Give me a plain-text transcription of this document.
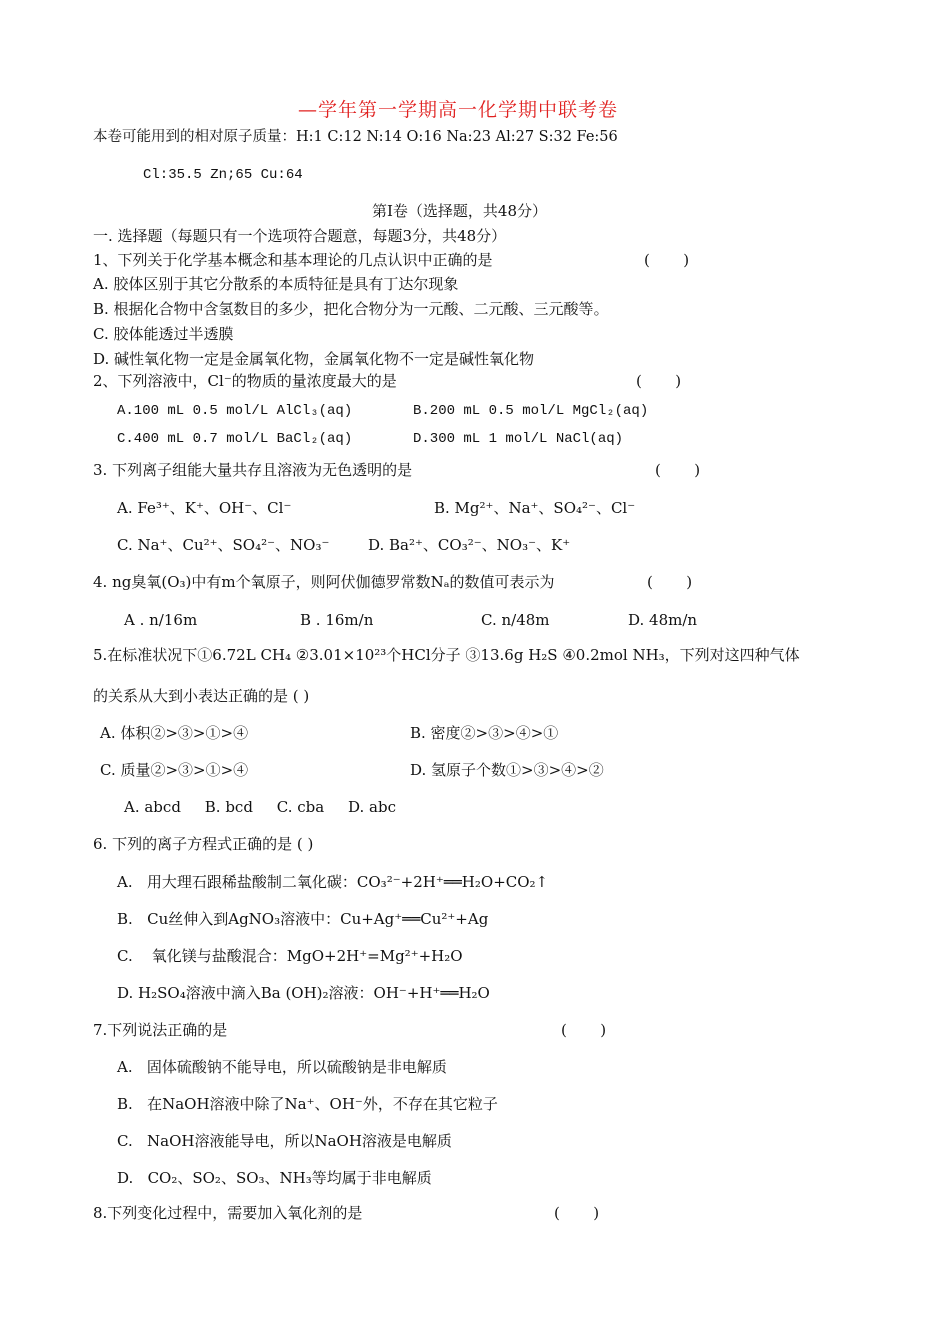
—学年第一学期高一化学期中联考卷
本卷可能用到的相对原子质量：H:1 C:12 N:14 O:16 Na:23 Al:27 S:32 Fe:56
Cl:35.5 Zn;65 Cu:64
第Ⅰ卷（选择题，共48分）
一. 选择题（每题只有一个选项符合题意，每题3分，共48分）
1、下列关于化学基本概念和基本理论的几点认识中正确的是	(       )
A. 胶体区别于其它分散系的本质特征是具有丁达尔现象
B. 根据化合物中含氢数目的多少，把化合物分为一元酸、二元酸、三元酸等。
C. 胶体能透过半透膜
D. 碱性氧化物一定是金属氧化物，金属氧化物不一定是碱性氧化物
2、下列溶液中，Cl⁻的物质的量浓度最大的是	(       )
A.100 mL 0.5 mol/L AlCl₃(aq)	B.200 mL 0.5 mol/L MgCl₂(aq)
C.400 mL 0.7 mol/L BaCl₂(aq)	D.300 mL 1 mol/L NaCl(aq)
3. 下列离子组能大量共存且溶液为无色透明的是	(       )
A. Fe³⁺、K⁺、OH⁻、Cl⁻	B. Mg²⁺、Na⁺、SO₄²⁻、Cl⁻
C. Na⁺、Cu²⁺、SO₄²⁻、NO₃⁻	D. Ba²⁺、CO₃²⁻、NO₃⁻、K⁺
4. ng臭氧(O₃)中有m个氧原子，则阿伏伽德罗常数Nₐ的数值可表示为	(       )
A . n/16m	B . 16m/n	C. n/48m	D. 48m/n
5.在标准状况下①6.72L CH₄ ②3.01×10²³个HCl分子 ③13.6g H₂S ④0.2mol NH₃，下列对这四种气体
的关系从大到小表达正确的是 ( )
A. 体积②>③>①>④	B. 密度②>③>④>①
C. 质量②>③>①>④	D. 氢原子个数①>③>④>②
A. abcd     B. bcd     C. cba     D. abc
6. 下列的离子方程式正确的是 ( )
A.   用大理石跟稀盐酸制二氧化碳：CO₃²⁻+2H⁺══H₂O+CO₂↑
B.   Cu丝伸入到AgNO₃溶液中：Cu+Ag⁺══Cu²⁺+Ag
C.    氧化镁与盐酸混合：MgO+2H⁺=Mg²⁺+H₂O
D. H₂SO₄溶液中滴入Ba (OH)₂溶液：OH⁻+H⁺══H₂O
7.下列说法正确的是	(       )
A.   固体硫酸钠不能导电，所以硫酸钠是非电解质
B.   在NaOH溶液中除了Na⁺、OH⁻外，不存在其它粒子
C.   NaOH溶液能导电，所以NaOH溶液是电解质
D.   CO₂、SO₂、SO₃、NH₃等均属于非电解质
8.下列变化过程中，需要加入氧化剂的是	(       )
